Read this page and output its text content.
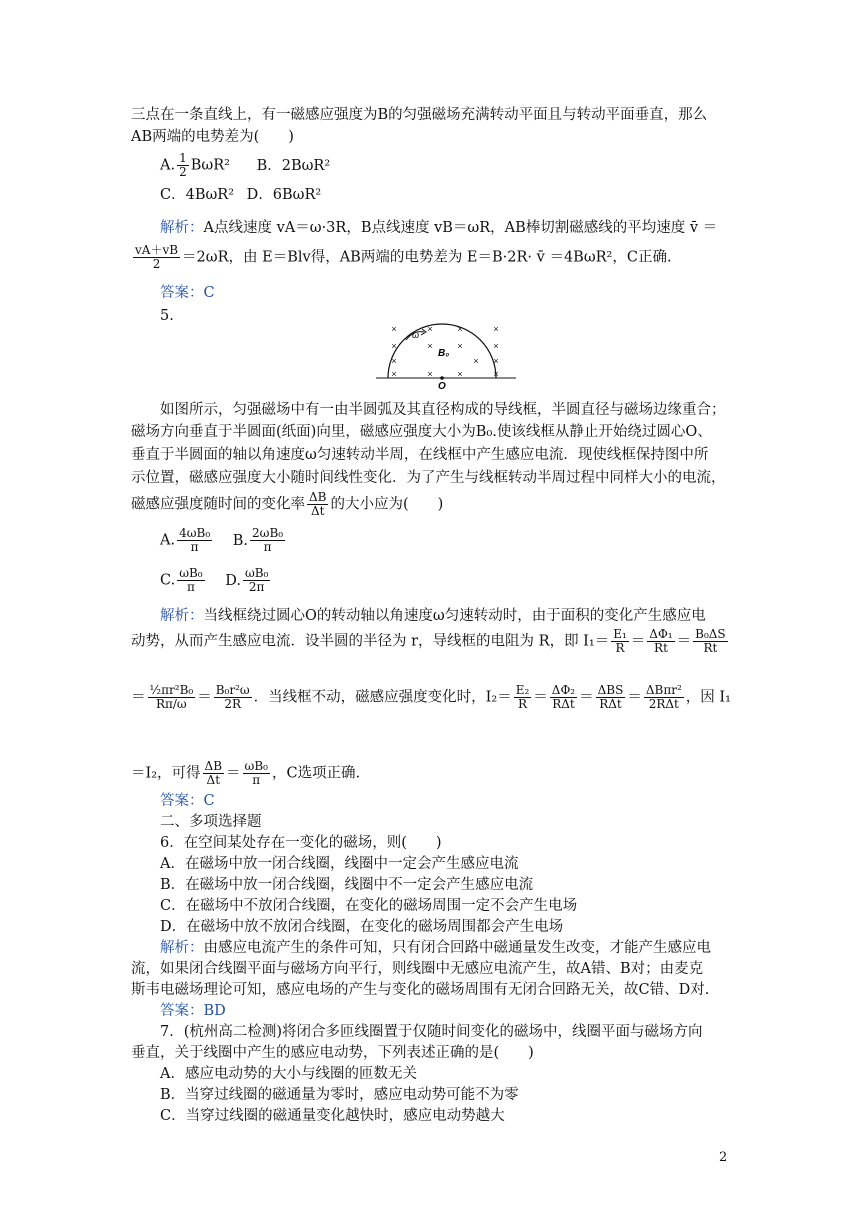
三点在一条直线上，有一磁感应强度为B的匀强磁场充满转动平面且与转动平面垂直，那么
AB两端的电势差为(　　)
A. $\frac{1}{2} B\omega R^2$ B．2BωR²
C．4BωR² D．6BωR²
解析：A点线速度 vA＝ω·3R，B点线速度 vB＝ωR，AB棒切割磁感线的平均速度 v̄ ＝
$\frac{vA+vB}{2} =2\omega R$，由 E＝Blv得，AB两端的电势差为 E＝B·2R· v̄ ＝4BωR²，C正确.
答案：C
5.
×	×	×	×
×	×	×	×
×	× ×
×	×	×	×
ω
B₀
O
如图所示，匀强磁场中有一由半圆弧及其直径构成的导线框，半圆直径与磁场边缘重合；
磁场方向垂直于半圆面(纸面)向里，磁感应强度大小为B₀.使该线框从静止开始绕过圆心O、
垂直于半圆面的轴以角速度ω匀速转动半周，在线框中产生感应电流．现使线框保持图中所
示位置，磁感应强度大小随时间线性变化．为了产生与线框转动半周过程中同样大小的电流，
磁感应强度随时间的变化率 $\frac{\Delta B}{\Delta t}$ 的大小应为(　　)
A. $\frac{\text{4ωB₀}}{\pi} B$. $\frac{\text{2ωB₀}}{\pi}$
C. $\frac{\text{ωB₀}}{\pi} D$. $\frac{\text{ωB₀}}{2\pi}$
解析：当线框绕过圆心O的转动轴以角速度ω匀速转动时，由于面积的变化产生感应电
动势，从而产生感应电流．设半圆的半径为 r，导线框的电阻为 R，即 $I_1= \frac{\text{E₁}}{R} = \frac{\text{ΔΦ₁}}{Rt} = \frac{\text{B₀ΔS}}{Rt}$
＝ $\frac{\text{½πr²B₀}}{R\pi/\omega} = \frac{\text{B₀r²ω}}{2R}$ ．当线框不动，磁感应强度变化时，$I_2= \frac{\text{E₂}}{R} = \frac{\text{ΔΦ₂}}{\text{RΔt}} = \frac{\text{ΔBS}}{\text{RΔt}} = \frac{\text{ΔBπr²}}{\text{2RΔt}}$ ，因 I₁
＝I₂，可得 $\frac{\Delta B}{\Delta t} = \frac{\text{ωB₀}}{\pi}$ ，C选项正确.
答案：C
二、多项选择题
6．在空间某处存在一变化的磁场，则(　　)
A．在磁场中放一闭合线圈，线圈中一定会产生感应电流
B．在磁场中放一闭合线圈，线圈中不一定会产生感应电流
C．在磁场中不放闭合线圈，在变化的磁场周围一定不会产生电场
D．在磁场中放不放闭合线圈，在变化的磁场周围都会产生电场
解析：由感应电流产生的条件可知，只有闭合回路中磁通量发生改变，才能产生感应电
流，如果闭合线圈平面与磁场方向平行，则线圈中无感应电流产生，故A错、B对；由麦克
斯韦电磁场理论可知，感应电场的产生与变化的磁场周围有无闭合回路无关，故C错、D对.
答案：BD
7．(杭州高二检测)将闭合多匝线圈置于仅随时间变化的磁场中，线圈平面与磁场方向
垂直，关于线圈中产生的感应电动势，下列表述正确的是(　　)
A．感应电动势的大小与线圈的匝数无关
B．当穿过线圈的磁通量为零时，感应电动势可能不为零
C．当穿过线圈的磁通量变化越快时，感应电动势越大
2
